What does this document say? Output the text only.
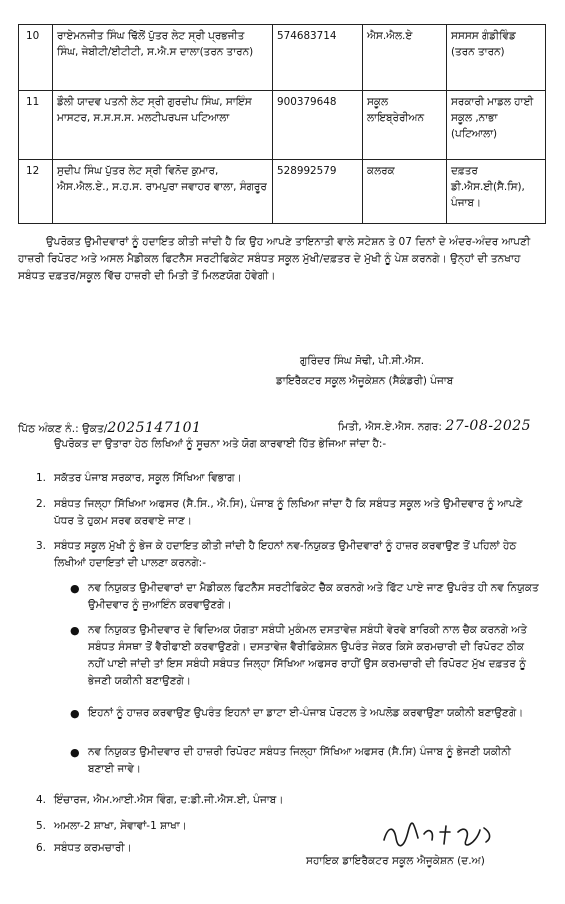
10	ਰਾਏਮਨਜੀਤ ਸਿੰਘ ਢਿੱਲੋਂ ਪੁੱਤਰ ਲੇਟ ਸ੍ਰੀ ਪ੍ਰਭਜੀਤ ਸਿੰਘ, ਜੇਬੀਟੀ/ਈਟੀਟੀ, ਸ.ਐ.ਸ ਦਾਲਾ(ਤਰਨ ਤਾਰਨ)	574683714	ਐਸ.ਐਲ.ਏ	ਸਸਸਸ ਗੰਡੀਵਿੰਡ (ਤਰਨ ਤਾਰਨ)
11	ਡੌਲੀ ਯਾਦਵ ਪਤਨੀ ਲੇਟ ਸ੍ਰੀ ਗੁਰਦੀਪ ਸਿੰਘ, ਸਾਇੰਸ ਮਾਸਟਰ, ਸ.ਸ.ਸ.ਸ. ਮਲਟੀਪਰਪਜ ਪਟਿਆਲਾ	900379648	ਸਕੂਲ ਲਾਇਬ੍ਰੇਰੀਅਨ	ਸਰਕਾਰੀ ਮਾਡਲ ਹਾਈ ਸਕੂਲ ,ਨਾਭਾ (ਪਟਿਆਲਾ)
12	ਸੁਦੀਪ ਸਿੰਘ ਪੁੱਤਰ ਲੇਟ ਸ੍ਰੀ ਵਿਨੋਦ ਕੁਮਾਰ, ਐਸ.ਐਲ.ਏ., ਸ.ਹ.ਸ. ਰਾਮਪੁਰਾ ਜਵਾਹਰ ਵਾਲਾ, ਸੰਗਰੂਰ	528992579	ਕਲਰਕ	ਦਫ਼ਤਰ ਡੀ.ਐਸ.ਈ(ਸੈ.ਸਿ), ਪੰਜਾਬ।
ਉਪਰੋਕਤ ਉਮੀਦਵਾਰਾਂ ਨੂੰ ਹਦਾਇਤ ਕੀਤੀ ਜਾਂਦੀ ਹੈ ਕਿ ਉਹ ਆਪਣੇ ਤਾਇਨਾਤੀ ਵਾਲੇ ਸਟੇਸ਼ਨ ਤੇ 07 ਦਿਨਾਂ ਦੇ ਅੰਦਰ-ਅੰਦਰ ਆਪਣੀ ਹਾਜ਼ਰੀ ਰਿਪੋਰਟ ਅਤੇ ਅਸਲ ਮੈਡੀਕਲ ਫਿਟਨੈਸ ਸਰਟੀਫਿਕੇਟ ਸਬੰਧਤ ਸਕੂਲ ਮੁੱਖੀ/ਦਫ਼ਤਰ ਦੇ ਮੁੱਖੀ ਨੂੰ ਪੇਸ਼ ਕਰਨਗੇ। ਉਨ੍ਹਾਂ ਦੀ ਤਨਖਾਹ ਸਬੰਧਤ ਦਫ਼ਤਰ/ਸਕੂਲ ਵਿੱਚ ਹਾਜ਼ਰੀ ਦੀ ਮਿਤੀ ਤੋਂ ਮਿਲਣਯੋਗ ਹੋਵੇਗੀ।
ਗੁਰਿੰਦਰ ਸਿੰਘ ਸੋਢੀ, ਪੀ.ਸੀ.ਐਸ.
ਡਾਇਰੈਕਟਰ ਸਕੂਲ ਐਜੂਕੇਸ਼ਨ (ਸੈਕੰਡਰੀ) ਪੰਜਾਬ
ਪਿੱਠ ਅੰਕਣ ਨੰ.: ਉਕਤ/2025147101	ਮਿਤੀ, ਐਸ.ਏ.ਐਸ. ਨਗਰ: 27-08-2025
ਉਪਰੋਕਤ ਦਾ ਉਤਾਰਾ ਹੇਠ ਲਿਖਿਆਂ ਨੂੰ ਸੂਚਨਾ ਅਤੇ ਯੋਗ ਕਾਰਵਾਈ ਹਿੱਤ ਭੇਜਿਆ ਜਾਂਦਾ ਹੈ:-
1. ਸਕੱਤਰ ਪੰਜਾਬ ਸਰਕਾਰ, ਸਕੂਲ ਸਿੱਖਿਆ ਵਿਭਾਗ।
2. ਸਬੰਧਤ ਜਿਲ੍ਹਾ ਸਿੱਖਿਆ ਅਫਸਰ (ਸੈ.ਸਿ., ਐ.ਸਿ), ਪੰਜਾਬ ਨੂੰ ਲਿਖਿਆ ਜਾਂਦਾ ਹੈ ਕਿ ਸਬੰਧਤ ਸਕੂਲ ਅਤੇ ਉਮੀਦਵਾਰ ਨੂੰ ਆਪਣੇ ਪੱਧਰ ਤੇ ਹੁਕਮ ਸਰਵ ਕਰਵਾਏ ਜਾਣ।
3. ਸਬੰਧਤ ਸਕੂਲ ਮੁੱਖੀ ਨੂੰ ਭੇਜ ਕੇ ਹਦਾਇਤ ਕੀਤੀ ਜਾਂਦੀ ਹੈ ਇਹਨਾਂ ਨਵ-ਨਿਯੁਕਤ ਉਮੀਦਵਾਰਾਂ ਨੂੰ ਹਾਜ਼ਰ ਕਰਵਾਉਣ ਤੋਂ ਪਹਿਲਾਂ ਹੇਠ ਲਿਖੀਆਂ ਹਦਾਇਤਾਂ ਦੀ ਪਾਲਣਾ ਕਰਨਗੇ:-
● ਨਵ ਨਿਯੁਕਤ ਉਮੀਦਵਾਰਾਂ ਦਾ ਮੈਡੀਕਲ ਫਿਟਨੈਸ ਸਰਟੀਫਿਕੇਟ ਚੈੱਕ ਕਰਨਗੇ ਅਤੇ ਫਿੱਟ ਪਾਏ ਜਾਣ ਉਪਰੰਤ ਹੀ ਨਵ ਨਿਯੁਕਤ ਉਮੀਦਵਾਰ ਨੂੰ ਜੁਆਇੰਨ ਕਰਵਾਉਣਗੇ।
● ਨਵ ਨਿਯੁਕਤ ਉਮੀਦਵਾਰ ਦੇ ਵਿਦਿਅਕ ਯੋਗਤਾ ਸਬੰਧੀ ਮੁਕੰਮਲ ਦਸਤਾਵੇਜ਼ ਸਬੰਧੀ ਵੇਰਵੇ ਬਾਰਿਕੀ ਨਾਲ ਚੈਕ ਕਰਨਗੇ ਅਤੇ ਸਬੰਧਤ ਸੰਸਥਾ ਤੋਂ ਵੈਰੀਫਾਈ ਕਰਵਾਉਣਗੇ। ਦਸਤਾਵੇਜ਼ ਵੈਰੀਫਿਕੇਸ਼ਨ ਉਪਰੰਤ ਜੇਕਰ ਕਿਸੇ ਕਰਮਚਾਰੀ ਦੀ ਰਿਪੋਰਟ ਠੀਕ ਨਹੀਂ ਪਾਈ ਜਾਂਦੀ ਤਾਂ ਇਸ ਸਬੰਧੀ ਸਬੰਧਤ ਜਿਲ੍ਹਾ ਸਿੱਖਿਆ ਅਫਸਰ ਰਾਹੀਂ ਉਸ ਕਰਮਚਾਰੀ ਦੀ ਰਿਪੋਰਟ ਮੁੱਖ ਦਫ਼ਤਰ ਨੂੰ ਭੇਜਣੀ ਯਕੀਨੀ ਬਣਾਉਣਗੇ।
● ਇਹਨਾਂ ਨੂੰ ਹਾਜ਼ਰ ਕਰਵਾਉਣ ਉਪਰੰਤ ਇਹਨਾਂ ਦਾ ਡਾਟਾ ਈ-ਪੰਜਾਬ ਪੋਰਟਲ ਤੇ ਅਪਲੋਡ ਕਰਵਾਉਣਾ ਯਕੀਨੀ ਬਣਾਉਣਗੇ।
● ਨਵ ਨਿਯੁਕਤ ਉਮੀਦਵਾਰ ਦੀ ਹਾਜ਼ਰੀ ਰਿਪੋਰਟ ਸਬੰਧਤ ਜਿਲ੍ਹਾ ਸਿੱਖਿਆ ਅਫਸਰ (ਸੈ.ਸਿ) ਪੰਜਾਬ ਨੂੰ ਭੇਜਣੀ ਯਕੀਨੀ ਬਣਾਈ ਜਾਵੇ।
4. ਇੰਚਾਰਜ, ਐਮ.ਆਈ.ਐਸ ਵਿੰਗ, ਦ:ਡੀ.ਜੀ.ਐਸ.ਈ, ਪੰਜਾਬ।
5. ਅਮਲਾ-2 ਸ਼ਾਖਾ, ਸੇਵਾਵਾਂ-1 ਸ਼ਾਖਾ।
6. ਸਬੰਧਤ ਕਰਮਚਾਰੀ।
ਸਹਾਇਕ ਡਾਇਰੈਕਟਰ ਸਕੂਲ ਐਜੂਕੇਸ਼ਨ (ਦ.ਅ)
